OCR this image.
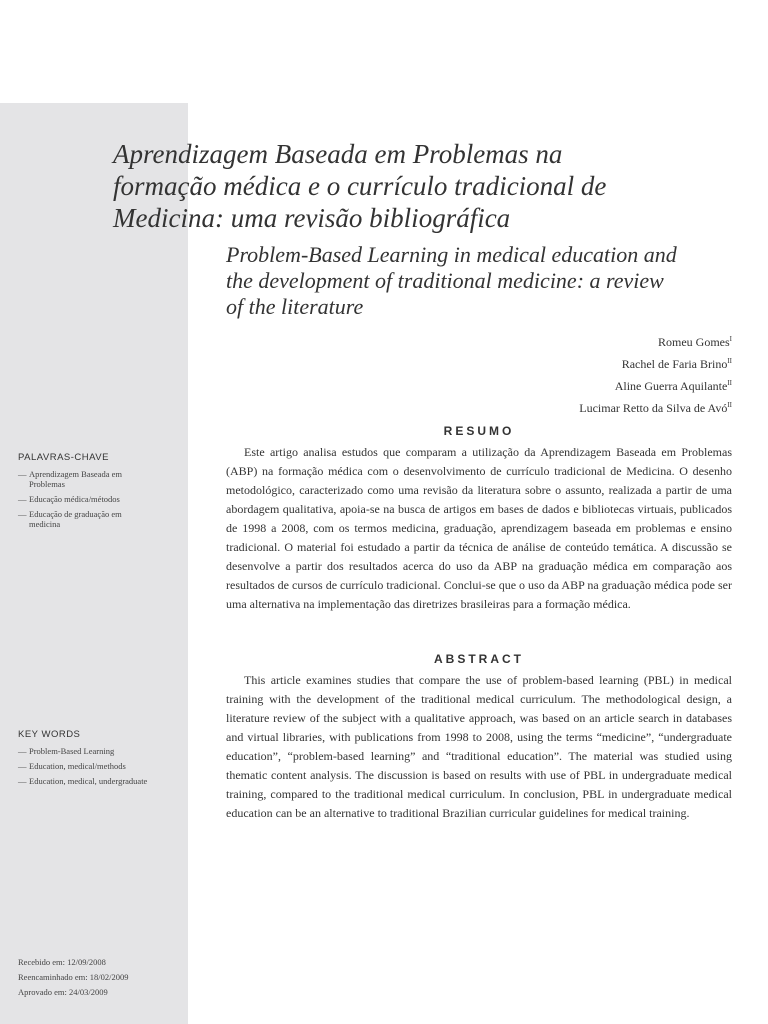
Aprendizagem Baseada em Problemas na
formação médica e o currículo tradicional de
Medicina: uma revisão bibliográfica
Problem-Based Learning in medical education and
the development of traditional medicine: a review
of the literature
Romeu Gomes$^I$
Rachel de Faria Brino$^{II}$
Aline Guerra Aquilante$^{II}$
Lucimar Retto da Silva de Avó$^{II}$
RESUMO

Este artigo analisa estudos que comparam a utilização da Aprendizagem Baseada em Problemas (ABP) na formação médica com o desenvolvimento de currículo tradicional de Medicina. O desenho metodológico, caracterizado como uma revisão da literatura sobre o assunto, realizada a partir de uma abordagem qualitativa, apoia-se na busca de artigos em bases de dados e bibliotecas virtuais, publicados de 1998 a 2008, com os termos medicina, graduação, aprendizagem baseada em problemas e ensino tradicional. O material foi estudado a partir da técnica de análise de conteúdo temática. A discussão se desenvolve a partir dos resultados acerca do uso da ABP na graduação médica em comparação aos resultados de cursos de currículo tradicional. Conclui-se que o uso da ABP na graduação médica pode ser uma alternativa na implementação das diretrizes brasileiras para a formação médica.

ABSTRACT

This article examines studies that compare the use of problem-based learning (PBL) in medical training with the development of the traditional medical curriculum. The methodological design, a literature review of the subject with a qualitative approach, was based on an article search in databases and virtual libraries, with publications from 1998 to 2008, using the terms “medicine”, “undergraduate education”, “problem-based learning” and “traditional education”. The material was studied using thematic content analysis. The discussion is based on results with use of PBL in undergraduate medical training, compared to the traditional medical curriculum. In conclusion, PBL in undergraduate medical education can be an alternative to traditional Brazilian curricular guidelines for medical training.

PALAVRAS-CHAVE
— Aprendizagem Baseada em Problemas
— Educação médica/métodos
— Educação de graduação em medicina
KEY WORDS
— Problem-Based Learning
— Education, medical/methods
— Education, medical, undergraduate
Recebido em: 12/09/2008
Reencaminhado em: 18/02/2009
Aprovado em: 24/03/2009
